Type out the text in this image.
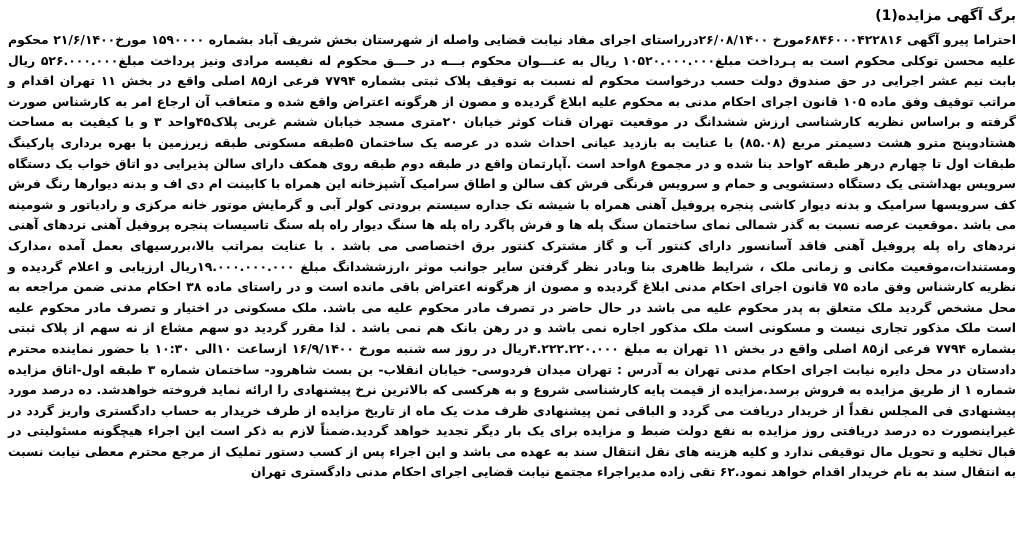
برگ آگهی مزایده(1)

احتراما پیرو آگهی ۶۸۴۶۰۰۰۴۲۲۸۱۶مورخ ۲۶/۰۸/۱۴۰۰درراستای اجرای مفاد نیابت قضایی واصله از شهرستان بخش شریف آباد بشماره ۱۵۹۰۰۰۰ مورخ۲۱/۶/۱۴۰۰ محکوم علیه محسن توکلی محکوم است به پـرداخت مبلغ۱۰۵۲۰.۰۰۰.۰۰۰ ریال به عنـــوان محکوم بـــه در حـــق محکوم له نفیسه مرادی ونیز پرداخت مبلغ۵۲۶.۰۰۰.۰۰۰ ریال بابت نیم عشر اجرایی در حق صندوق دولت حسب درخواست محکوم له نسبت به توقیف پلاک ثبتی بشماره ۷۷۹۴ فرعی از۸۵ اصلی واقع در بخش ۱۱ تهران اقدام و مراتب توقیف وفق ماده ۱۰۵ قانون اجرای احکام مدنی به محکوم علیه ابلاغ گردیده و مصون از هرگونه اعتراض واقع شده و متعاقب آن ارجاع امر به کارشناس صورت گرفته و براساس نظریه کارشناسی ارزش ششدانگ در موقعیت تهران قنات کوثر خیابان ۲۰متری مسجد خیابان ششم غربی پلاک۴۵واحد ۳ و با کیفیت به مساحت هشتادوپنج مترو هشت دسیمتر مربع (۸۵.۰۸) با عنایت به بازدید عیانی احداث شده در عرصه یک ساختمان ۵طبقه مسکونی طبقه زیرزمین با بهره برداری پارکینگ طبقات اول تا چهارم درهر طبقه ۲واحد بنا شده و در مجموع ۸واحد است .آپارتمان واقع در طبقه دوم طبقه روی همکف دارای سالن پذیرایی دو اتاق خواب یک دستگاه سرویس بهداشتی یک دستگاه دستشویی و حمام و سرویس فرنگی فرش کف سالن و اطاق سرامیک آشپزخانه این همراه با کابینت ام دی اف و بدنه دیوارها رنگ فرش کف سرویسها سرامیک و بدنه دیوار کاشی پنجره پروفیل آهنی همراه با شیشه تک جداره سیستم برودتی کولر آبی و گرمایش موتور خانه مرکزی و رادیاتور و شومینه می باشد .موقعیت عرصه نسبت به گذر شمالی نمای ساختمان سنگ پله ها و فرش پاگرد راه پله ها سنگ دیوار راه پله سنگ تاسیسات پنجره پروفیل آهنی نردهای آهنی نردهای راه پله پروفیل آهنی فاقد آسانسور دارای کنتور آب و گاز مشترک کنتور برق اختصاصی می باشد . با عنایت بمراتب بالا،بررسیهای بعمل آمده ،مدارک ومستندات،موقعیت مکانی و زمانی ملک ، شرایط ظاهری بنا وبادر نظر گرفتن سایر جوانب موثر ،ارزششدانگ مبلغ ۱۹.۰۰۰.۰۰۰.۰۰۰ریال ارزیابی و اعلام گردیده و نظریه کارشناس وفق ماده ۷۵ قانون اجرای احکام مدنی ابلاغ گردیده و مصون از هرگونه اعتراض باقی مانده است و در راستای ماده ۳۸ احکام مدنی ضمن مراجعه به محل مشخص گردید ملک متعلق به پدر محکوم علیه می باشد در حال حاضر در تصرف مادر محکوم علیه می باشد. ملک مسکونی در اختیار و تصرف مادر محکوم علیه است ملک مذکور تجاری نیست و مسکونی است ملک مذکور اجاره نمی باشد و در رهن بانک هم نمی باشد . لذا مقرر گردید دو سهم مشاع از نه سهم از پلاک ثبتی بشماره ۷۷۹۴ فرعی از۸۵ اصلی واقع در بخش ۱۱ تهران به مبلغ ۴.۲۲۲.۲۲۰.۰۰۰ریال در روز سه شنبه مورخ ۱۶/۹/۱۴۰۰ ازساعت ۱۰الی ۱۰:۳۰ با حضور نماینده محترم دادستان در محل دایره نیابت اجرای احکام مدنی تهران به آدرس : تهران میدان فردوسی- خیابان انقلاب- بن بست شاهرود- ساختمان شماره ۳ طبقه اول-اتاق مزایده شماره ۱ از طریق مزایده به فروش برسد.مزایده از قیمت پایه کارشناسی شروع و به هرکسی که بالاترین نرخ پیشنهادی را ارائه نماید فروخته خواهدشد. ده درصد مورد پیشنهادی فی المجلس نقداً از خریدار دریافت می گردد و الباقی ثمن پیشنهادی ظرف مدت یک ماه از تاریخ مزایده از طرف خریدار به حساب دادگستری واریز گردد در غیراینصورت ده درصد دریافتی روز مزایده به نفع دولت ضبط و مزایده برای یک بار دیگر تجدید خواهد گردید.ضمناً لازم به ذکر است این اجراء هیچگونه مسئولیتی در قبال تخلیه و تحویل مال توقیفی ندارد و کلیه هزینه های نقل انتقال سند به عهده می باشد و این اجراء پس از کسب دستور تملیک از مرجع محترم معطی نیابت نسبت به انتقال سند به نام خریدار اقدام خواهد نمود.۶۲ تقی زاده مدیراجراء مجتمع نیابت قضایی اجرای احکام مدنی دادگستری تهران
